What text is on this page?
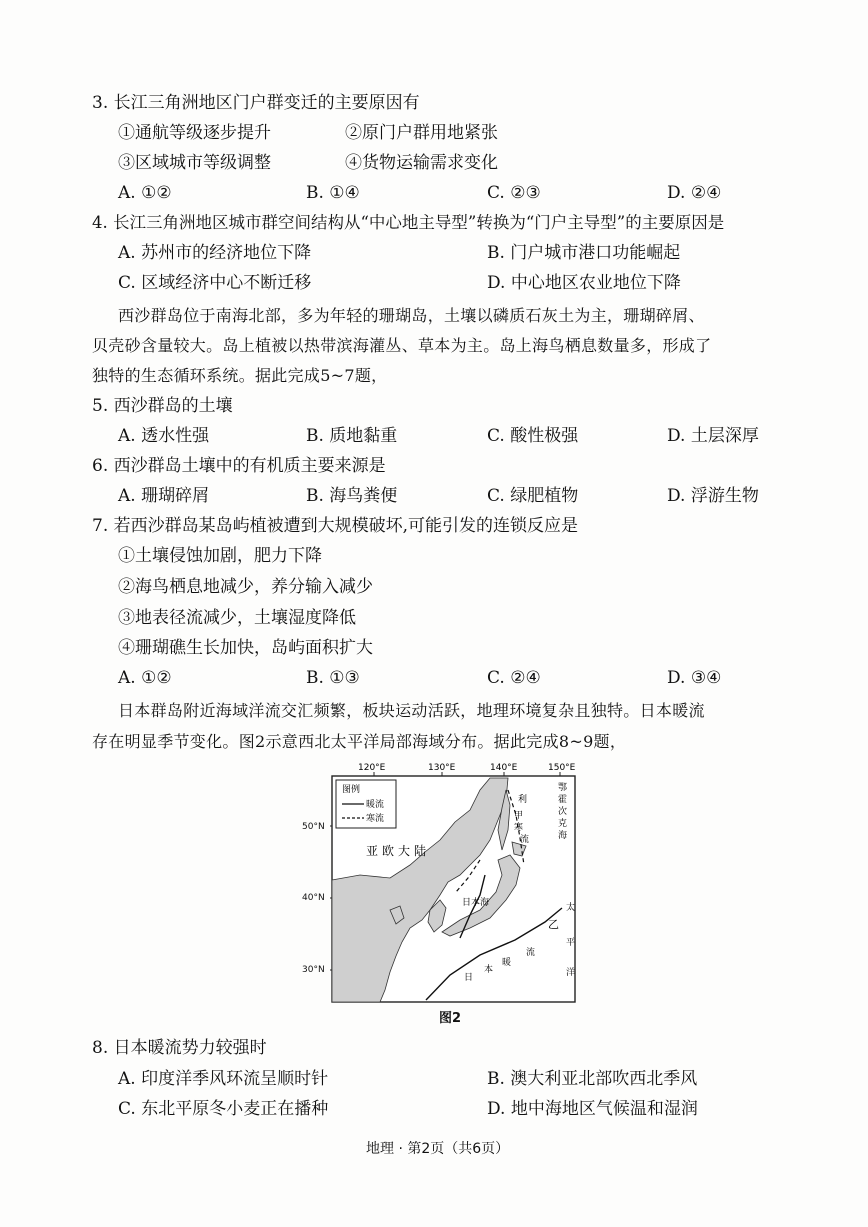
3. 长江三角洲地区门户群变迁的主要原因有
①通航等级逐步提升	②原门户群用地紧张
③区域城市等级调整	④货物运输需求变化
A. ①②	B. ①④	C. ②③	D. ②④
4. 长江三角洲地区城市群空间结构从“中心地主导型”转换为“门户主导型”的主要原因是
A. 苏州市的经济地位下降	B. 门户城市港口功能崛起
C. 区域经济中心不断迁移	D. 中心地区农业地位下降
西沙群岛位于南海北部，多为年轻的珊瑚岛，土壤以磷质石灰土为主，珊瑚碎屑、
贝壳砂含量较大。岛上植被以热带滨海灌丛、草本为主。岛上海鸟栖息数量多，形成了
独特的生态循环系统。据此完成5~7题，
5. 西沙群岛的土壤
A. 透水性强	B. 质地黏重	C. 酸性极强	D. 土层深厚
6. 西沙群岛土壤中的有机质主要来源是
A. 珊瑚碎屑	B. 海鸟粪便	C. 绿肥植物	D. 浮游生物
7. 若西沙群岛某岛屿植被遭到大规模破坏,可能引发的连锁反应是
①土壤侵蚀加剧，肥力下降
②海鸟栖息地减少，养分输入减少
③地表径流减少，土壤湿度降低
④珊瑚礁生长加快，岛屿面积扩大
A. ①②	B. ①③	C. ②④	D. ③④
日本群岛附近海域洋流交汇频繁，板块运动活跃，地理环境复杂且独特。日本暖流
存在明显季节变化。图2示意西北太平洋局部海域分布。据此完成8~9题，
120°E	130°E	140°E	150°E
图例
暖流
寒流
亚欧大陆
日本海
鄂
霍
次
克
海
利
甲
寒
流
乙
太
平
洋
流
暖
本
日
50°N
40°N
30°N
图2
8. 日本暖流势力较强时
A. 印度洋季风环流呈顺时针	B. 澳大利亚北部吹西北季风
C. 东北平原冬小麦正在播种	D. 地中海地区气候温和湿润
地理 · 第2页（共6页）
